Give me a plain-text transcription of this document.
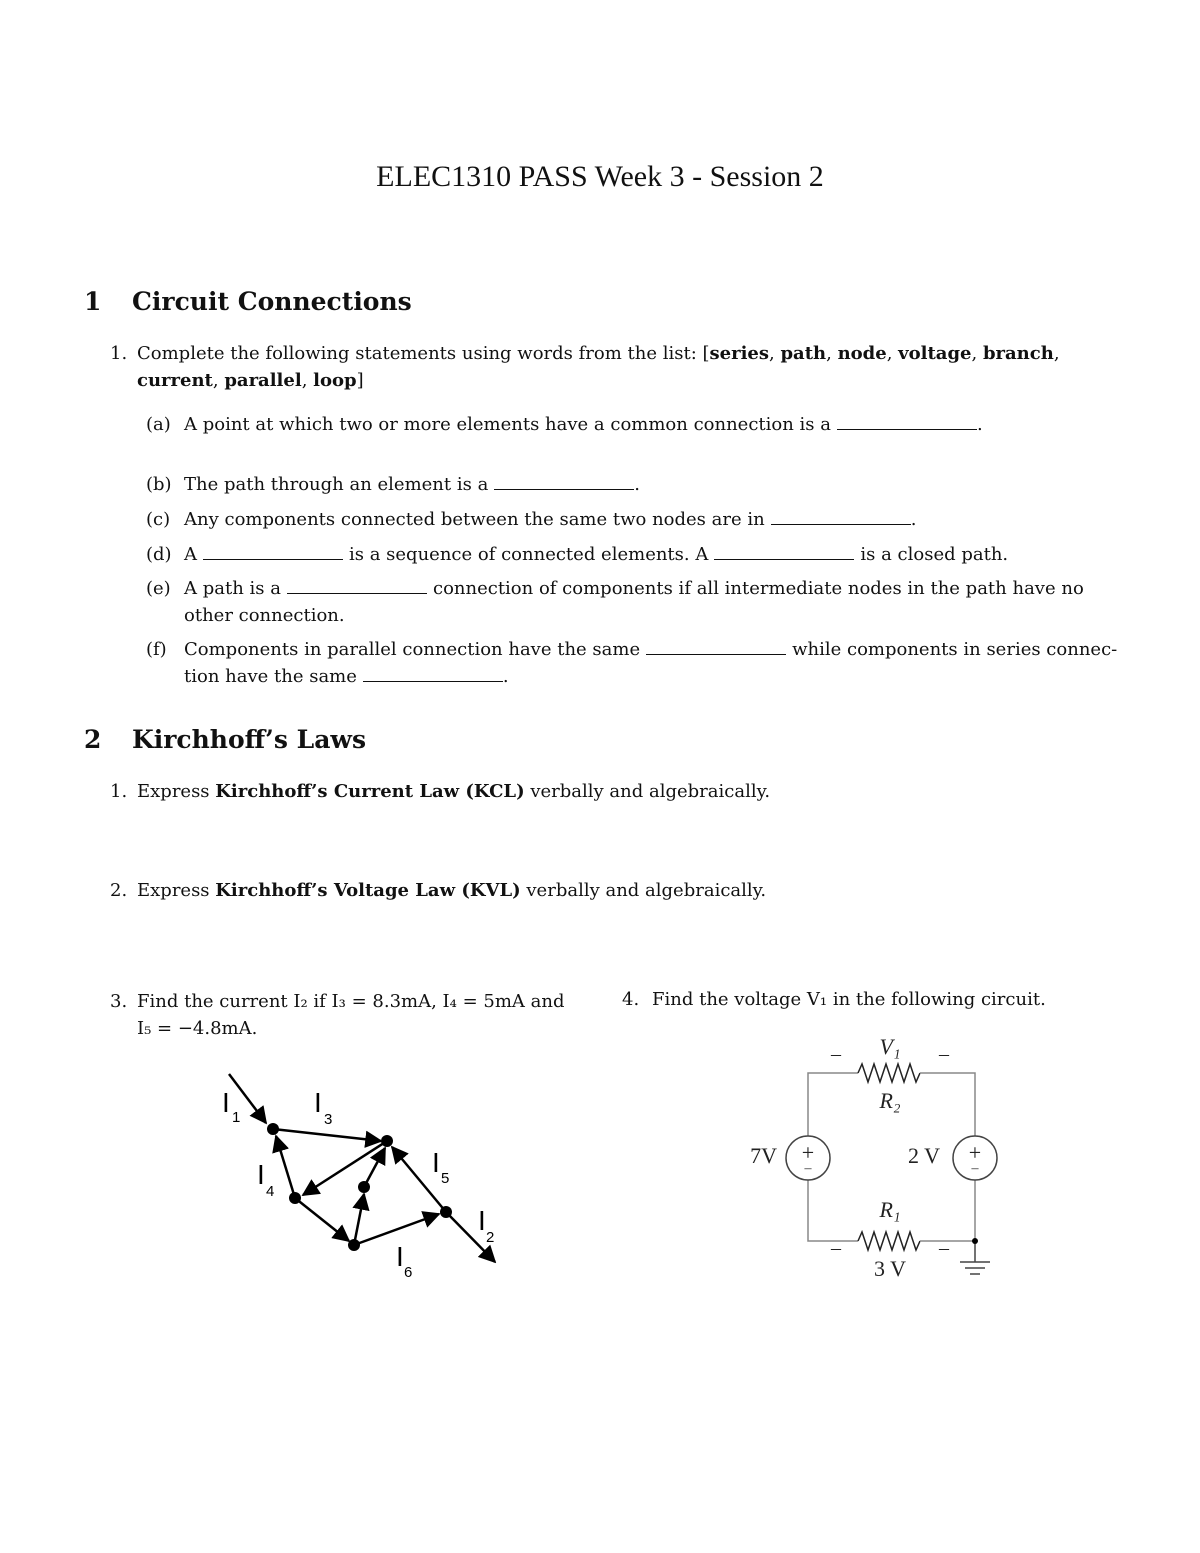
ELEC1310 PASS Week 3 - Session 2
1 Circuit Connections
1. Complete the following statements using words from the list: [series, path, node, voltage, branch, current, parallel, loop]
(a) A point at which two or more elements have a common connection is a	.
(b) The path through an element is a	.
(c) Any components connected between the same two nodes are in	.
(d) A	is a sequence of connected elements. A	is a closed path.
(e) A path is a	connection of components if all intermediate nodes in the path have no
other connection.
(f) Components in parallel connection have the same	while components in series connec-
tion have the same	.
2 Kirchhoff’s Laws
1. Express Kirchhoff’s Current Law (KCL) verbally and algebraically.
2. Express Kirchhoff’s Voltage Law (KVL) verbally and algebraically.
3. Find the current I₂ if I₃ = 8.3mA, I₄ = 5mA and
I₅ = −4.8mA.
4. Find the voltage V₁ in the following circuit.
I 1	I
3
I
4
I
5
I
2
I
6
+
–
+
–
7V	2 V
V₁
R₂
R₁
3 V
–	–
–	–
